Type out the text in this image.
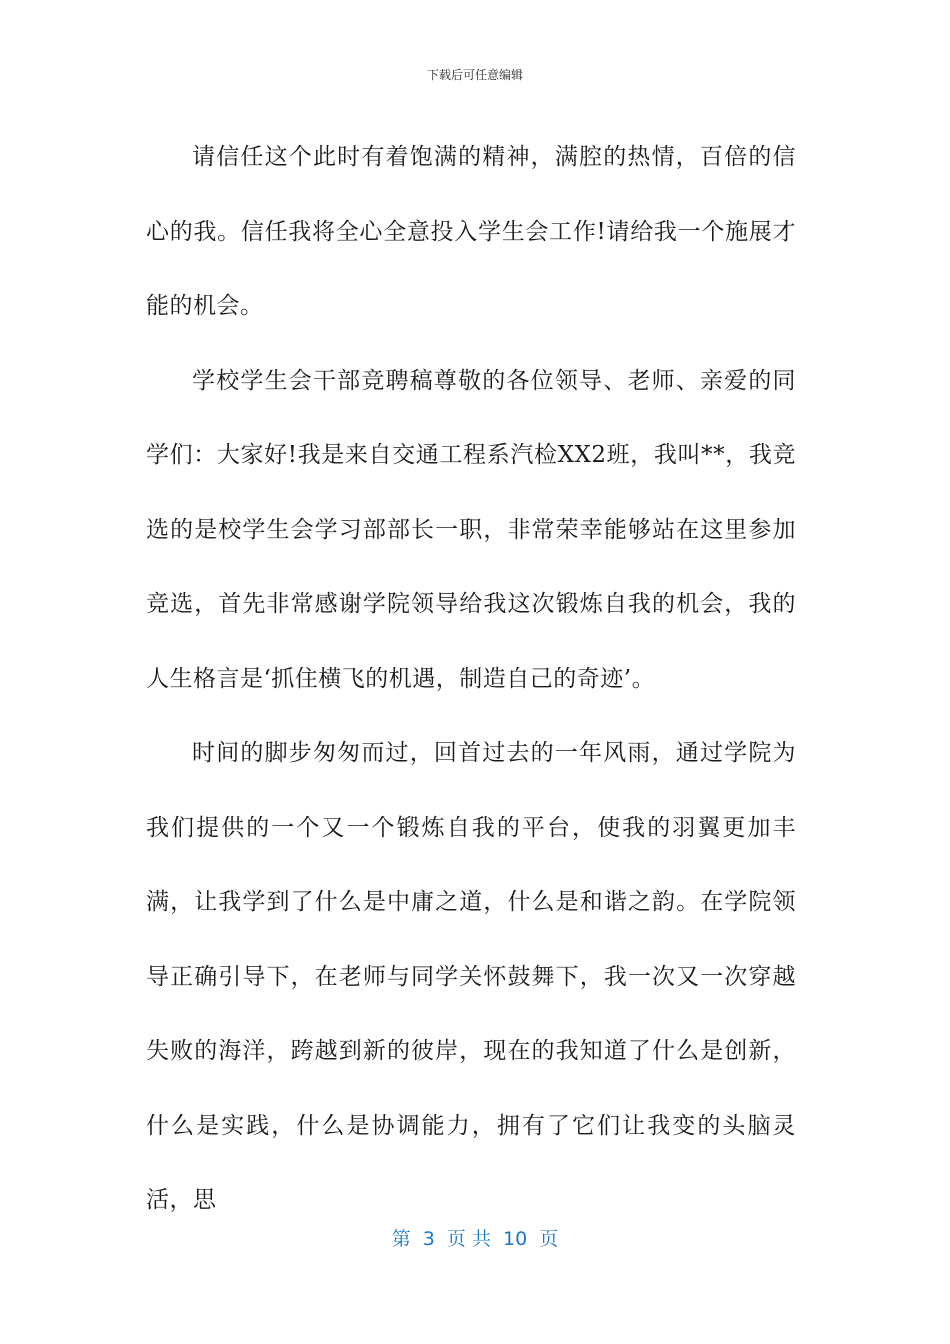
下载后可任意编辑

请信任这个此时有着饱满的精神，满腔的热情，百倍的信心的我。信任我将全心全意投入学生会工作!请给我一个施展才能的机会。

学校学生会干部竞聘稿尊敬的各位领导、老师、亲爱的同学们：大家好!我是来自交通工程系汽检XX2班，我叫**，我竞选的是校学生会学习部部长一职，非常荣幸能够站在这里参加竞选，首先非常感谢学院领导给我这次锻炼自我的机会，我的人生格言是‘抓住横飞的机遇，制造自己的奇迹’。

时间的脚步匆匆而过，回首过去的一年风雨，通过学院为我们提供的一个又一个锻炼自我的平台，使我的羽翼更加丰满，让我学到了什么是中庸之道，什么是和谐之韵。在学院领导正确引导下，在老师与同学关怀鼓舞下，我一次又一次穿越失败的海洋，跨越到新的彼岸，现在的我知道了什么是创新，什么是实践，什么是协调能力，拥有了它们让我变的头脑灵活，思

第  3  页 共  10  页
